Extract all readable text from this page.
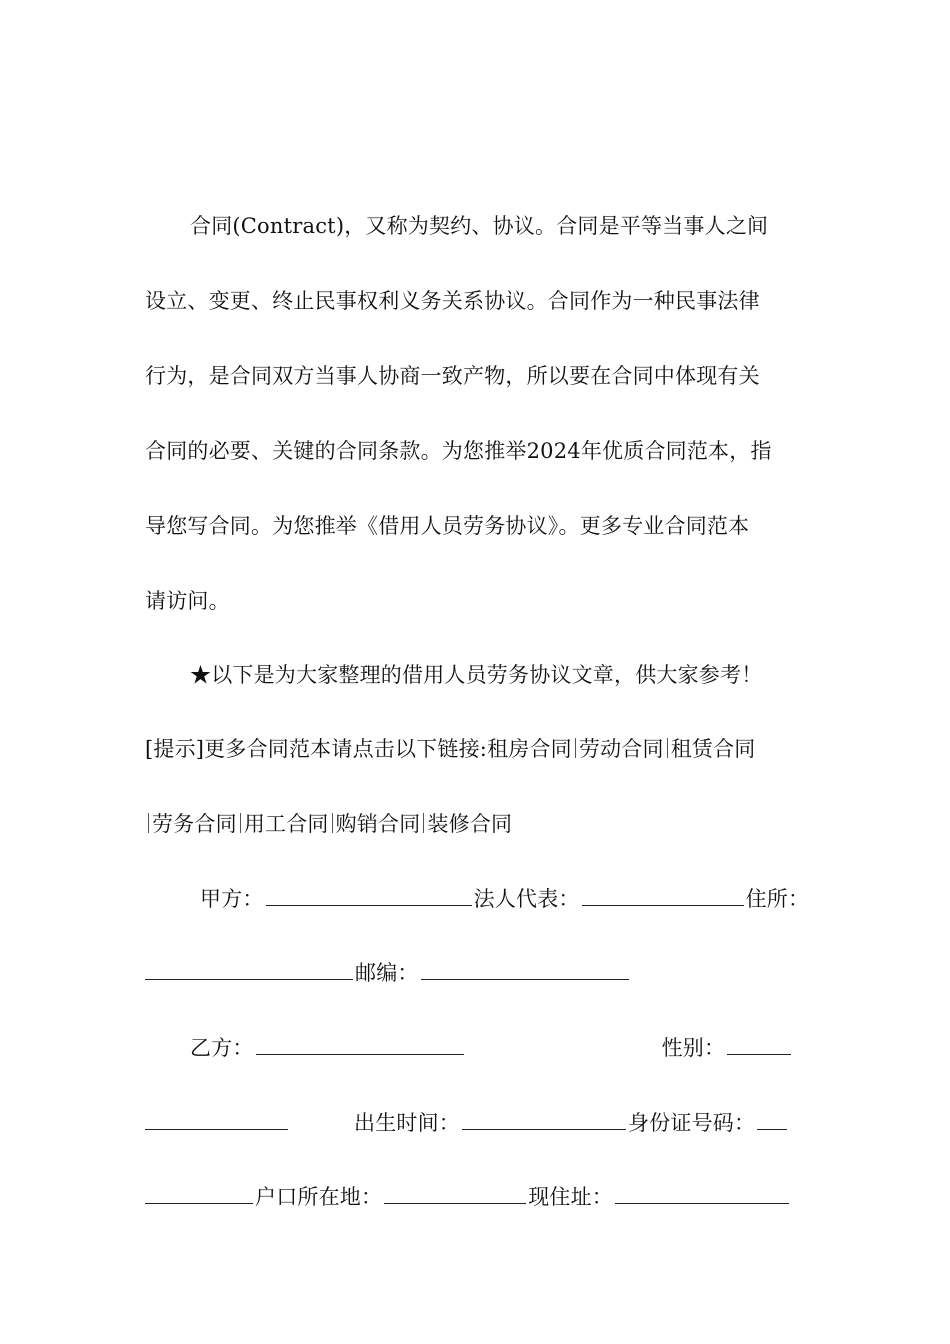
合同(Contract)，又称为契约、协议。合同是平等当事人之间
设立、变更、终止民事权利义务关系协议。合同作为一种民事法律
行为，是合同双方当事人协商一致产物，所以要在合同中体现有关
合同的必要、关键的合同条款。为您推举2024年优质合同范本，指
导您写合同。为您推举《借用人员劳务协议》。更多专业合同范本
请访问。
★以下是为大家整理的借用人员劳务协议文章，供大家参考！
[提示]更多合同范本请点击以下链接:租房合同 劳动合同 租赁合同
劳务合同 用工合同 购销合同 装修合同
甲方：	法人代表：	住所：
邮编：
乙方：	性别：
出生时间：	身份证号码：
户口所在地：	现住址：
